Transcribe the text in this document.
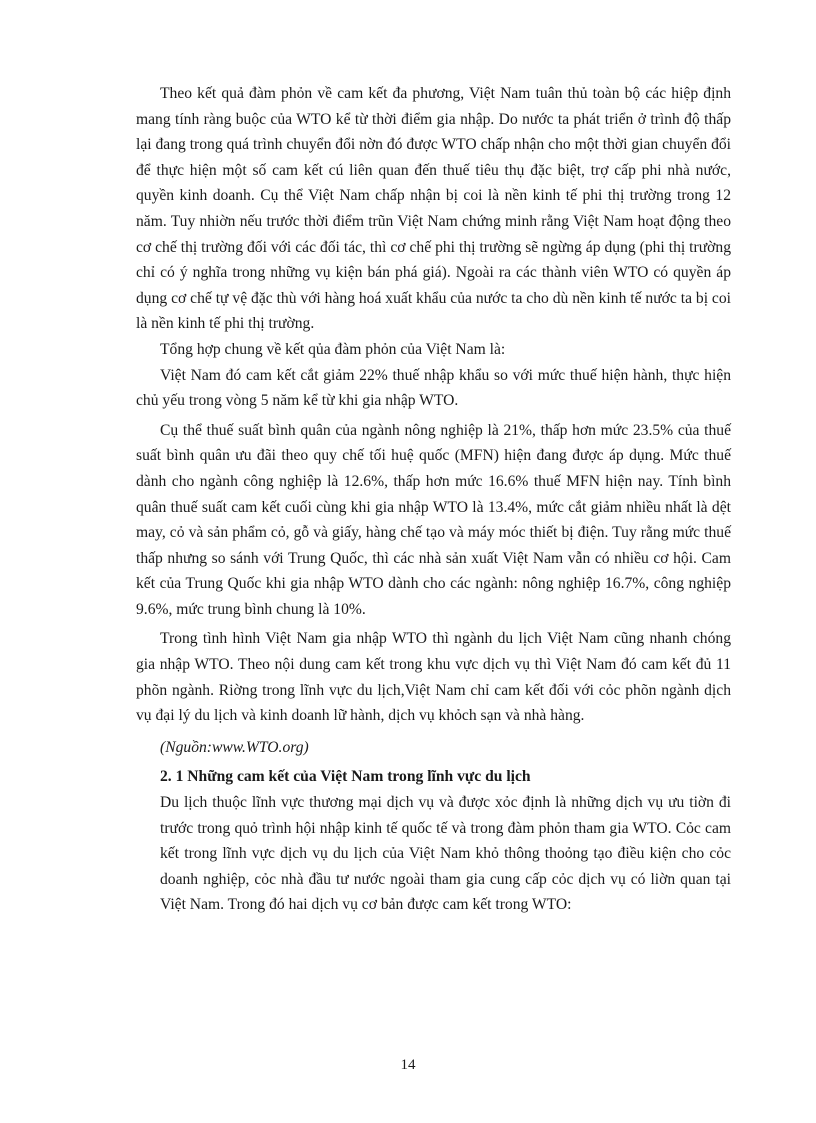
Theo kết quả đàm phỏn về cam kết đa phương, Việt Nam tuân thủ toàn bộ các hiệp định mang tính ràng buộc của WTO kể từ thời điểm gia nhập. Do nước ta phát triển ở trình độ thấp lại đang trong quá trình chuyển đổi nờn đó được WTO chấp nhận cho một thời gian chuyển đổi để thực hiện một số cam kết cú liên quan đến thuế tiêu thụ đặc biệt, trợ cấp phi nhà nước, quyền kinh doanh. Cụ thể Việt Nam chấp nhận bị coi là nền kinh tế phi thị trường trong 12 năm. Tuy nhiờn nếu trước thời điểm trũn Việt Nam chứng minh rằng Việt Nam hoạt động theo cơ chế thị trường đối với các đối tác, thì cơ chế phi thị trường sẽ ngừng áp dụng (phi thị trường chỉ có ý nghĩa trong những vụ kiện bán phá giá). Ngoài ra các thành viên WTO có quyền áp dụng cơ chế tự vệ đặc thù với hàng hoá xuất khẩu của nước ta cho dù nền kinh tế nước ta bị coi là nền kinh tế phi thị trường.

Tổng hợp chung về kết qủa đàm phỏn của Việt Nam là:

Việt Nam đó cam kết cắt giảm 22% thuế nhập khẩu so với mức thuế hiện hành, thực hiện chủ yếu trong vòng 5 năm kể từ khi gia nhập WTO.

Cụ thể thuế suất bình quân của ngành nông nghiệp là 21%, thấp hơn mức 23.5% của thuế suất bình quân ưu đãi theo quy chế tối huệ quốc (MFN) hiện đang được áp dụng. Mức thuế dành cho ngành công nghiệp là 12.6%, thấp hơn mức 16.6% thuế MFN hiện nay. Tính bình quân thuế suất cam kết cuối cùng khi gia nhập WTO là 13.4%, mức cắt giảm nhiều nhất là dệt may, cỏ và sản phẩm cỏ, gỗ và giấy, hàng chế tạo và máy móc thiết bị điện. Tuy rằng mức thuế thấp nhưng so sánh với Trung Quốc, thì các nhà sản xuất Việt Nam vẫn có nhiều cơ hội. Cam kết của Trung Quốc khi gia nhập WTO dành cho các ngành: nông nghiệp 16.7%, công nghiệp 9.6%, mức trung bình chung là 10%.

Trong tình hình Việt Nam gia nhập WTO thì ngành du lịch Việt Nam cũng nhanh chóng gia nhập WTO. Theo nội dung cam kết trong khu vực dịch vụ thì Việt Nam đó cam kết đủ 11 phõn ngành. Riờng trong lĩnh vực du lịch,Việt Nam chỉ cam kết đối với cỏc phõn ngành dịch vụ đại lý du lịch và kinh doanh lữ hành, dịch vụ khỏch sạn và nhà hàng.

(Nguồn:www.WTO.org)

2. 1 Những cam kết của Việt Nam trong lĩnh vực du lịch

Du lịch thuộc lĩnh vực thương mại dịch vụ và được xỏc định là những dịch vụ ưu tiờn đi trước trong quỏ trình hội nhập kinh tế quốc tế và trong đàm phỏn tham gia WTO. Cỏc cam kết trong lĩnh vực dịch vụ du lịch của Việt Nam khỏ thông thoỏng tạo điều kiện cho cỏc doanh nghiệp, cỏc nhà đầu tư nước ngoài tham gia cung cấp cỏc dịch vụ có liờn quan tại Việt Nam. Trong đó hai dịch vụ cơ bản được cam kết trong WTO:

14
